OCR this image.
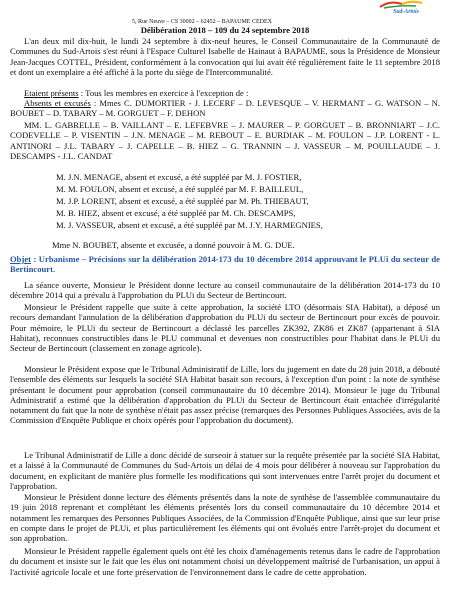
Sud-Artois

5, Rue Neuve – CS 30002 – 62452 – BAPAUME CEDEX

Délibération 2018 – 109 du 24 septembre 2018

L'an deux mil dix-huit, le lundi 24 septembre à dix-neuf heures, le Conseil Communautaire de la Communauté de Communes du Sud-Artois s'est réuni à l'Espace Culturel Isabelle de Hainaut à BAPAUME, sous la Présidence de Monsieur Jean-Jacques COTTEL, Président, conformément à la convocation qui lui avait été régulièrement faite le 11 septembre 2018 et dont un exemplaire a été affiché à la porte du siège de l'Intercommunalité.

Etaient présents : Tous les membres en exercice à l'exception de :

Absents et excusés : Mmes C. DUMORTIER - J. LECERF – D. LEVESQUE – V. HERMANT – G. WATSON – N. BOUBET – D. TABARY – M. GORGUET – F. DEHON

MM. L. GABRELLE – B. VAILLANT – E. LEFEBVRE – J. MAURER – P. GORGUET – B. BRONNIART – J.C. CODEVELLE – P. VISENTIN – J.N. MENAGE – M. REBOUT – E. BURDIAK – M. FOULON – J.P. LORENT - L. ANTINORI – J.L. TABARY – J. CAPELLE – B. HIEZ – G. TRANNIN – J. VASSEUR – M. POUILLAUDE – J. DESCAMPS - J.L. CANDAT

M. J.N. MENAGE, absent et excusé, a été suppléé par M. J. FOSTIER,

M. M. FOULON, absent et excusé, a été suppléé par M. F. BAILLEUL,

M. J.P. LORENT, absent et excusé, a été suppléé par M. Ph. THIEBAUT,

M. B. HIEZ, absent et excusé, a été suppléé par M. Ch. DESCAMPS,

M. J. VASSEUR, absent et excusé, a été suppléé par M. J.Y. HARMEGNIES,

Mme N. BOUBET, absente et excusée, a donné pouvoir à M. G. DUE.

Objet : Urbanisme – Précisions sur la délibération 2014-173 du 10 décembre 2014 approuvant le PLUi du secteur de Bertincourt.

La séance ouverte, Monsieur le Président donne lecture au conseil communautaire de la délibération 2014-173 du 10 décembre 2014 qui a prévalu à l'approbation du PLUi du Secteur de Bertincourt.

Monsieur le Président rappelle que suite à cette approbation, la société LTO (désormais SIA Habitat), a déposé un recours demandant l'annulation de la délibération d'approbation du PLUi du secteur de Bertincourt pour excès de pouvoir. Pour mémoire, le PLUi du secteur de Bertincourt a déclassé les parcelles ZK392, ZK86 et ZK87 (appartenant à SIA Habitat), reconnues constructibles dans le PLU communal et devenues non constructibles pour l'habitat dans le PLUi du Secteur de Bertincourt (classement en zonage agricole).

Monsieur le Président expose que le Tribunal Administratif de Lille, lors du jugement en date du 28 juin 2018, a débouté l'ensemble des éléments sur lesquels la société SIA Habitat basait son recours, à l'exception d'un point : la note de synthèse présentant le document pour approbation (conseil communautaire du 10 décembre 2014). Monsieur le juge du Tribunal Administratif a estimé que la délibération d'approbation du PLUi du Secteur de Bertincourt était entachée d'irrégularité notamment du fait que la note de synthèse n'était pas assez précise (remarques des Personnes Publiques Associées, avis de la Commission d'Enquête Publique et choix opérés pour l'approbation du document).

Le Tribunal Administratif de Lille a donc décidé de surseoir à statuer sur la requête présentée par la société SIA Habitat, et a laissé à la Communauté de Communes du Sud-Artois un délai de 4 mois pour délibérer à nouveau sur l'approbation du document, en explicitant de manière plus formelle les modifications qui sont intervenues entre l'arrêt projet du document et l'approbation.

Monsieur le Président donne lecture des éléments présentés dans la note de synthèse de l'assemblée communautaire du 19 juin 2018 reprenant et complétant les éléments présentés lors du conseil communautaire du 10 décembre 2014 et notamment les remarques des Personnes Publiques Associées, de la Commission d'Enquête Publique, ainsi que sur leur prise en compte dans le projet de PLUi, et plus particulièrement les éléments qui ont évolués entre l'arrêt-projet du document et son approbation.

Monsieur le Président rappelle également quels ont été les choix d'aménagements retenus dans le cadre de l'approbation du document et insiste sur le fait que les élus ont notamment choisi un développement maîtrisé de l'urbanisation, un appui à l'activité agricole locale et une forte préservation de l'environnement dans le cadre de cette approbation.
